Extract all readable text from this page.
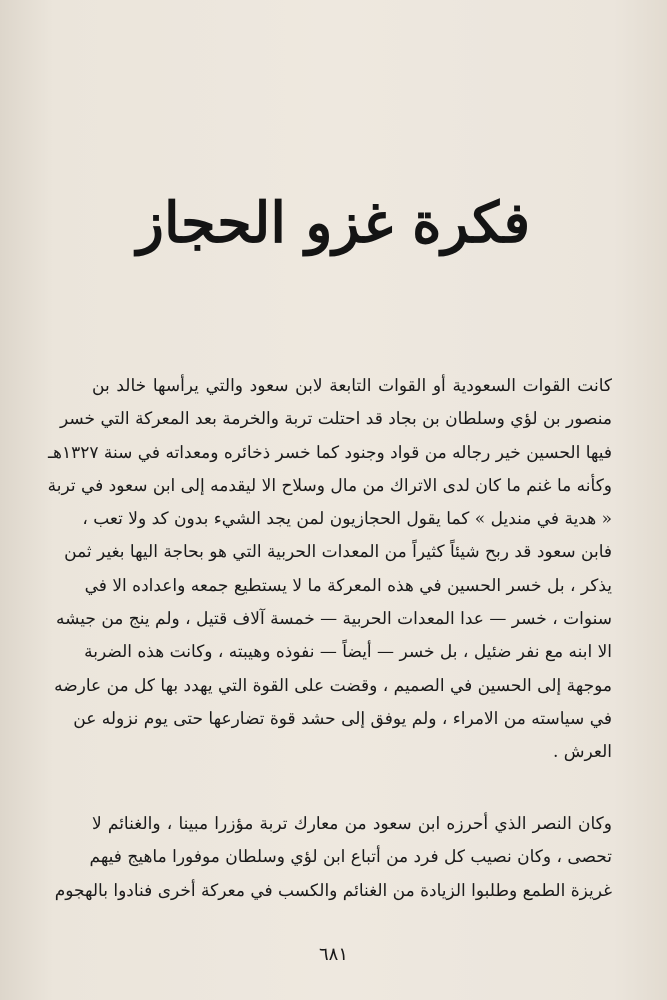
فكرة غزو الحجاز
كانت القوات السعودية أو القوات التابعة لابن سعود والتي يرأسها خالد بن
منصور بن لؤي وسلطان بن بجاد قد احتلت تربة والخرمة بعد المعركة التي خسر
فيها الحسين خير رجاله من قواد وجنود كما خسر ذخائره ومعداته في سنة ١٣٢٧هـ
وكأنه ما غنم ما كان لدى الاتراك من مال وسلاح الا ليقدمه إلى ابن سعود في تربة
« هدية في منديل » كما يقول الحجازيون لمن يجد الشيء بدون كد ولا تعب ،
فابن سعود قد ربح شيئاً كثيراً من المعدات الحربية التي هو بحاجة اليها بغير ثمن
يذكر ، بل خسر الحسين في هذه المعركة ما لا يستطيع جمعه واعداده الا في
سنوات ، خسر — عدا المعدات الحربية — خمسة آلاف قتيل ، ولم ينج من جيشه
الا ابنه مع نفر ضئيل ، بل خسر — أيضاً — نفوذه وهيبته ، وكانت هذه الضربة
موجهة إلى الحسين في الصميم ، وقضت على القوة التي يهدد بها كل من عارضه
في سياسته من الامراء ، ولم يوفق إلى حشد قوة تضارعها حتى يوم نزوله عن
العرش .
وكان النصر الذي أحرزه ابن سعود من معارك تربة مؤزرا مبينا ، والغنائم لا
تحصى ، وكان نصيب كل فرد من أتباع ابن لؤي وسلطان موفورا ماهيج فيهم
غريزة الطمع وطلبوا الزيادة من الغنائم والكسب في معركة أخرى فنادوا بالهجوم
٦٨١
